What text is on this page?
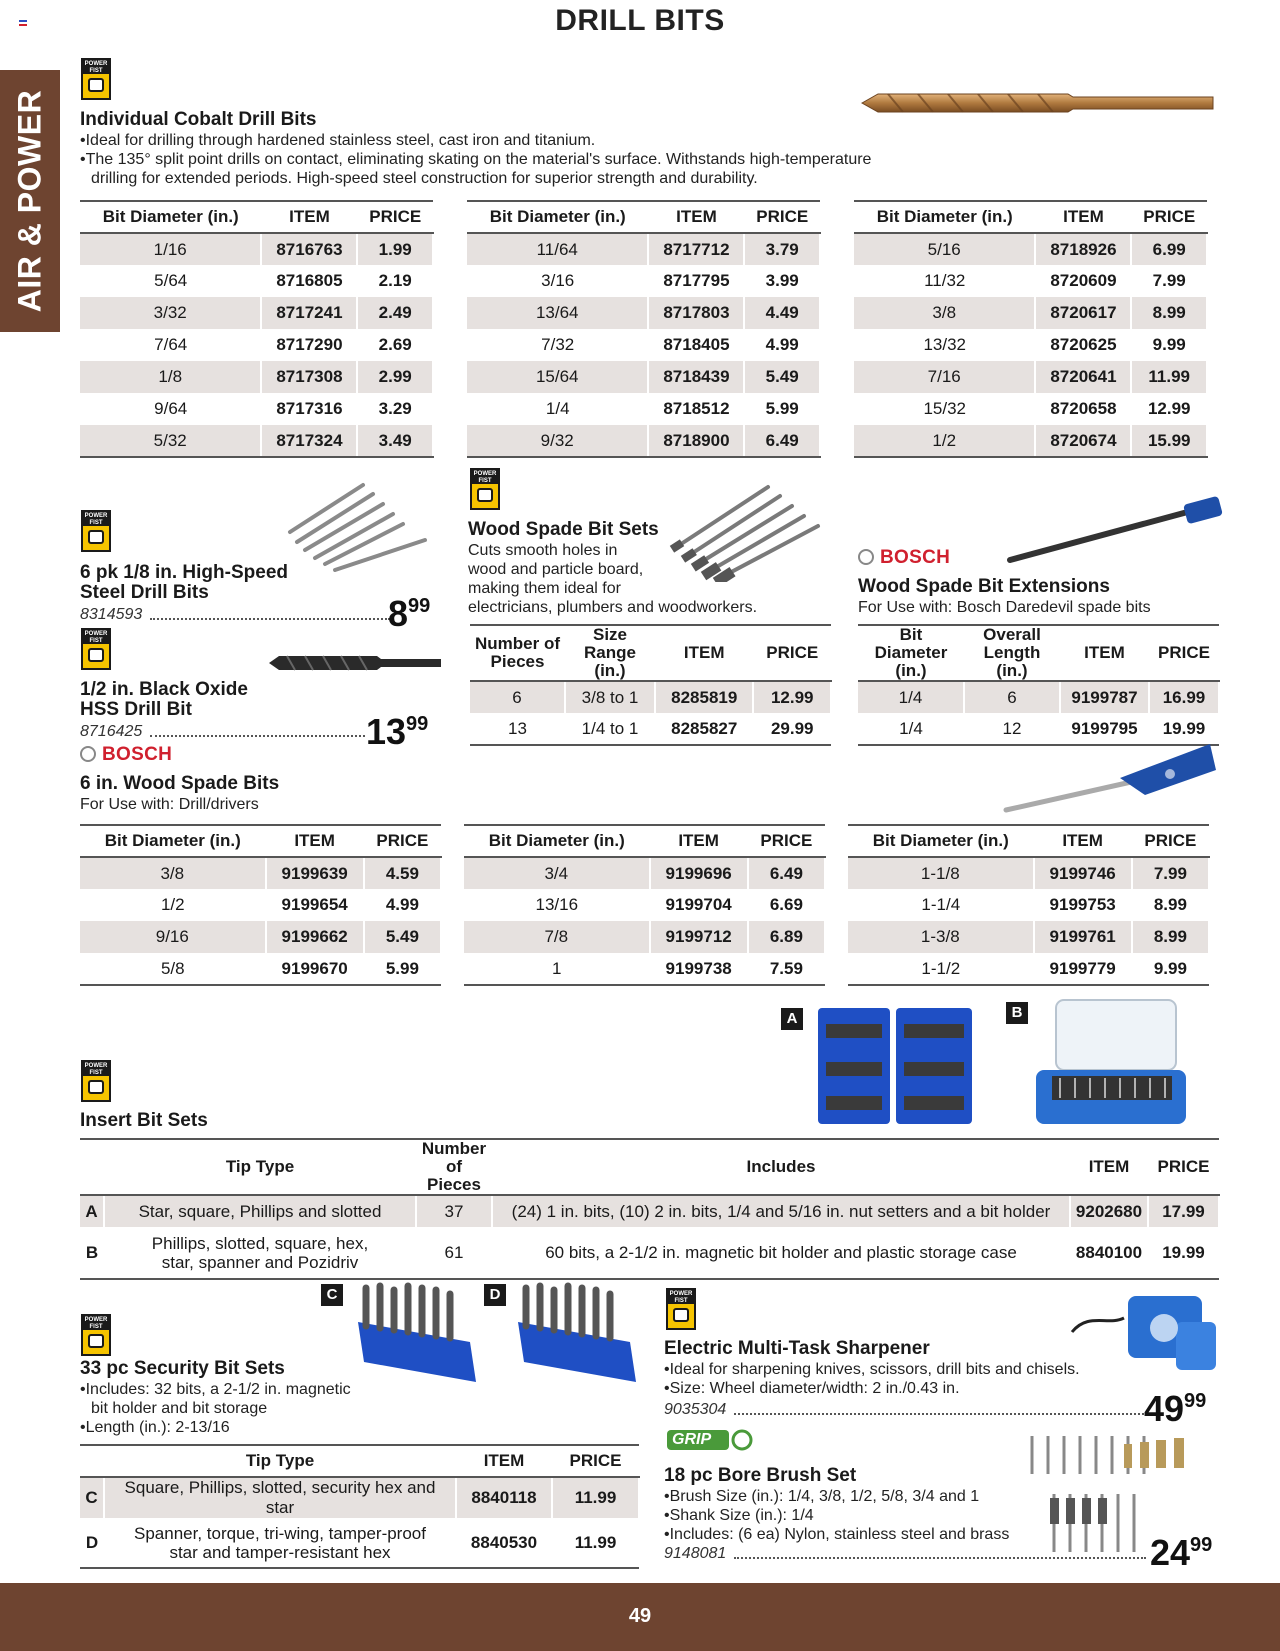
DRILL BITS
AIR & POWER
POWER
FIST
Individual Cobalt Drill Bits
•Ideal for drilling through hardened stainless steel, cast iron and titanium.
•The 135° split point drills on contact, eliminating skating on the material's surface. Withstands high-temperature
drilling for extended periods. High-speed steel construction for superior strength and durability.
Bit Diameter (in.)	ITEM	PRICE
1/16	8716763	1.99
5/64	8716805	2.19
3/32	8717241	2.49
7/64	8717290	2.69
1/8	8717308	2.99
9/64	8717316	3.29
5/32	8717324	3.49
Bit Diameter (in.)	ITEM	PRICE
11/64	8717712	3.79
3/16	8717795	3.99
13/64	8717803	4.49
7/32	8718405	4.99
15/64	8718439	5.49
1/4	8718512	5.99
9/32	8718900	6.49
Bit Diameter (in.)	ITEM	PRICE
5/16	8718926	6.99
11/32	8720609	7.99
3/8	8720617	8.99
13/32	8720625	9.99
7/16	8720641	11.99
15/32	8720658	12.99
1/2	8720674	15.99
POWER
FIST
6 pk 1/8 in. High-Speed
Steel Drill Bits
8314593	$8^{99}$
POWER
FIST
1/2 in. Black Oxide
HSS Drill Bit
8716425	$13^{99}$
POWER
FIST
Wood Spade Bit Sets
Cuts smooth holes in
wood and particle board,
making them ideal for
electricians, plumbers and woodworkers.
Number of Pieces	Size Range (in.)	ITEM	PRICE
6	3/8 to 1	8285819	12.99
13	1/4 to 1	8285827	29.99
BOSCH
Wood Spade Bit Extensions
For Use with: Bosch Daredevil spade bits
Bit Diameter (in.)	Overall Length (in.)	ITEM	PRICE
1/4	6	9199787	16.99
1/4	12	9199795	19.99
BOSCH
6 in. Wood Spade Bits
For Use with: Drill/drivers
Bit Diameter (in.)	ITEM	PRICE
3/8	9199639	4.59
1/2	9199654	4.99
9/16	9199662	5.49
5/8	9199670	5.99
Bit Diameter (in.)	ITEM	PRICE
3/4	9199696	6.49
13/16	9199704	6.69
7/8	9199712	6.89
1	9199738	7.59
Bit Diameter (in.)	ITEM	PRICE
1-1/8	9199746	7.99
1-1/4	9199753	8.99
1-3/8	9199761	8.99
1-1/2	9199779	9.99
A	B
POWER
FIST
Insert Bit Sets
	Tip Type	Number of Pieces	Includes	ITEM	PRICE
A	Star, square, Phillips and slotted	37	(24) 1 in. bits, (10) 2 in. bits, 1/4 and 5/16 in. nut setters and a bit holder	9202680	17.99
B	Phillips, slotted, square, hex, star, spanner and Pozidriv	61	60 bits, a 2-1/2 in. magnetic bit holder and plastic storage case	8840100	19.99
C	D
POWER
FIST
33 pc Security Bit Sets
•Includes: 32 bits, a 2-1/2 in. magnetic
bit holder and bit storage
•Length (in.): 2-13/16
	Tip Type	ITEM	PRICE
C	Square, Phillips, slotted, security hex and star	8840118	11.99
D	Spanner, torque, tri-wing, tamper-proof star and tamper-resistant hex	8840530	11.99
POWER
FIST
Electric Multi-Task Sharpener
•Ideal for sharpening knives, scissors, drill bits and chisels.
•Size: Wheel diameter/width: 2 in./0.43 in.
9035304	$49^{99}$
GRIP
18 pc Bore Brush Set
•Brush Size (in.): 1/4, 3/8, 1/2, 5/8, 3/4 and 1
•Shank Size (in.): 1/4
•Includes: (6 ea) Nylon, stainless steel and brass
9148081	$24^{99}$
49
